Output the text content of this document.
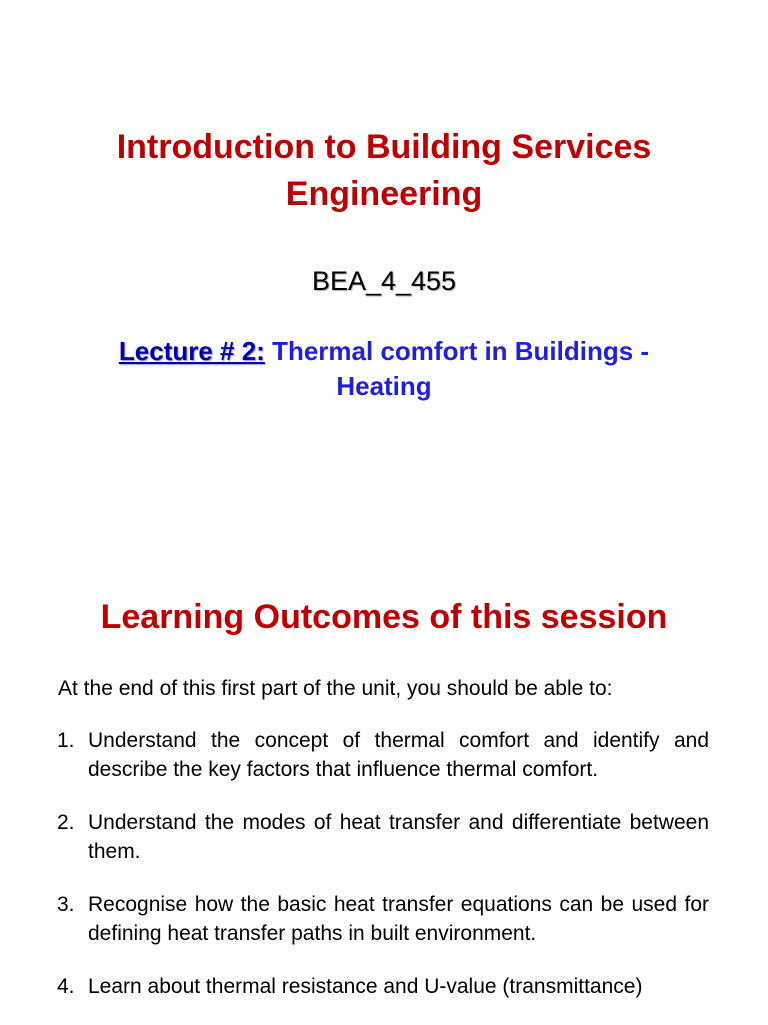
Introduction to Building Services
Engineering
BEA_4_455
Lecture # 2: Thermal comfort in Buildings -
Heating
Learning Outcomes of this session
At the end of this first part of the unit, you should be able to:
1. Understand the concept of thermal comfort and identify and describe the key factors that influence thermal comfort.
2. Understand the modes of heat transfer and differentiate between them.
3. Recognise how the basic heat transfer equations can be used for defining heat transfer paths in built environment.
4. Learn about thermal resistance and U-value (transmittance)
